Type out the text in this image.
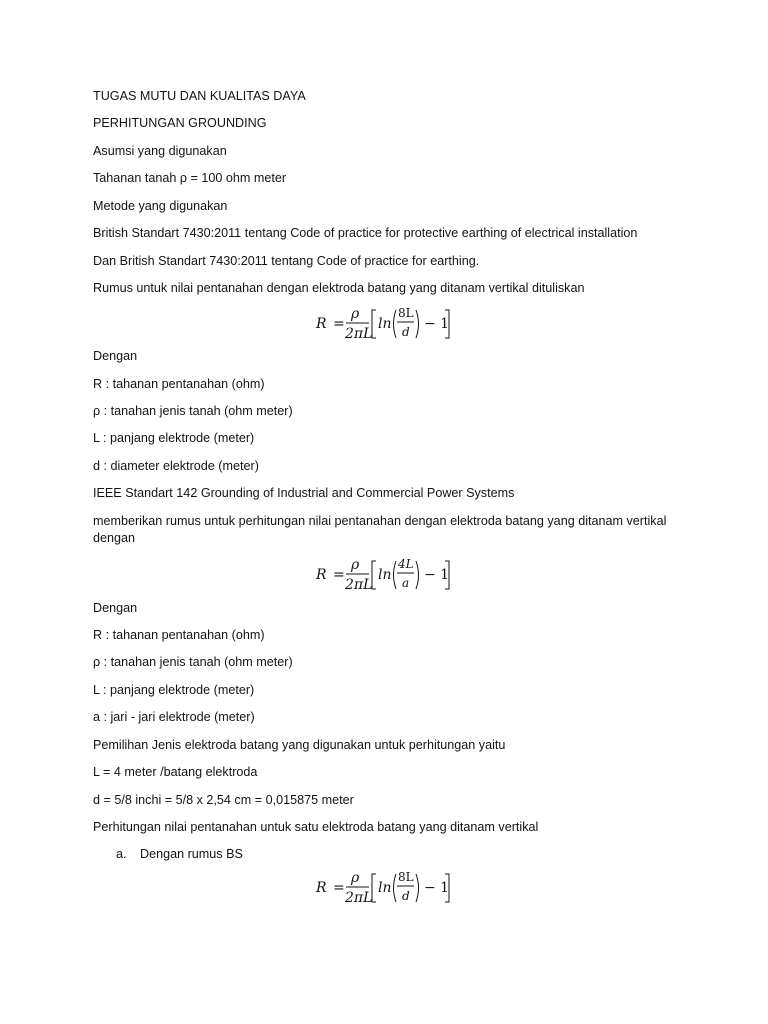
TUGAS MUTU DAN KUALITAS DAYA
PERHITUNGAN GROUNDING
Asumsi yang digunakan
Tahanan tanah ρ = 100 ohm meter
Metode yang digunakan
British Standart 7430:2011 tentang Code of practice for protective earthing of electrical installation
Dan British Standart 7430:2011 tentang Code of practice for earthing.
Rumus untuk nilai pentanahan dengan elektroda batang yang ditanam vertikal dituliskan
R =
ρ
2πL
ln
8L
d − 1
Dengan
R : tahanan pentanahan (ohm)
ρ : tanahan jenis tanah (ohm meter)
L : panjang elektrode (meter)
d : diameter elektrode (meter)
IEEE Standart 142 Grounding of Industrial and Commercial Power Systems
memberikan rumus untuk perhitungan nilai pentanahan dengan elektroda batang yang ditanam vertikal dengan
R =
ρ
2πL
ln
4L
a − 1
Dengan
R : tahanan pentanahan (ohm)
ρ : tanahan jenis tanah (ohm meter)
L : panjang elektrode (meter)
a : jari - jari elektrode (meter)
Pemilihan Jenis elektroda batang yang digunakan untuk perhitungan yaitu
L = 4 meter /batang elektroda
d = 5/8 inchi = 5/8 x 2,54 cm = 0,015875 meter
Perhitungan nilai pentanahan untuk satu elektroda batang yang ditanam vertikal
a. Dengan rumus BS
R =
ρ
2πL
ln
8L
d − 1
